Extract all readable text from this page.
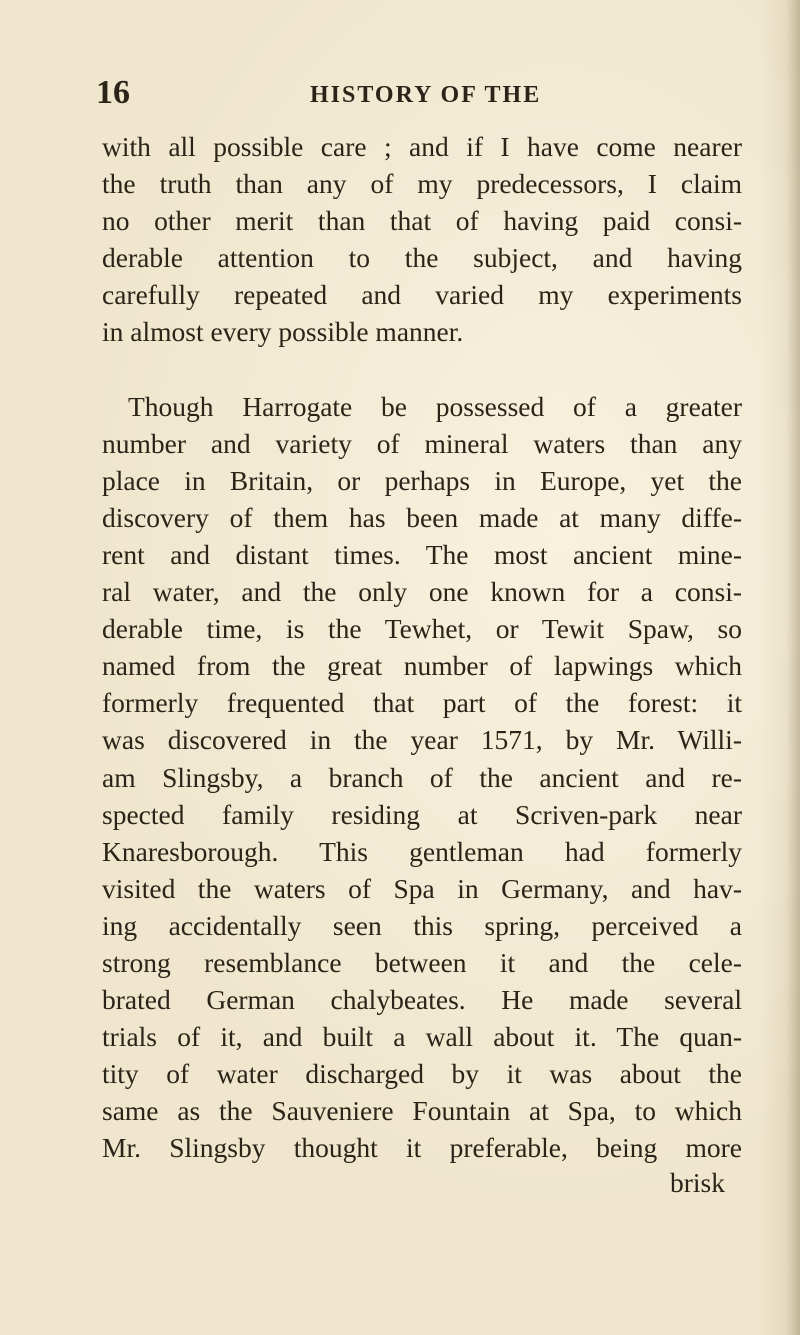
16	HISTORY OF THE
with all possible care ; and if I have come nearer
the truth than any of my predecessors, I claim
no other merit than that of having paid consi-
derable attention to the subject, and having
carefully repeated and varied my experiments
in almost every possible manner.
Though Harrogate be possessed of a greater
number and variety of mineral waters than any
place in Britain, or perhaps in Europe, yet the
discovery of them has been made at many diffe-
rent and distant times. The most ancient mine-
ral water, and the only one known for a consi-
derable time, is the Tewhet, or Tewit Spaw, so
named from the great number of lapwings which
formerly frequented that part of the forest: it
was discovered in the year 1571, by Mr. Willi-
am Slingsby, a branch of the ancient and re-
spected family residing at Scriven-park near
Knaresborough. This gentleman had formerly
visited the waters of Spa in Germany, and hav-
ing accidentally seen this spring, perceived a
strong resemblance between it and the cele-
brated German chalybeates. He made several
trials of it, and built a wall about it. The quan-
tity of water discharged by it was about the
same as the Sauveniere Fountain at Spa, to which
Mr. Slingsby thought it preferable, being more
brisk
